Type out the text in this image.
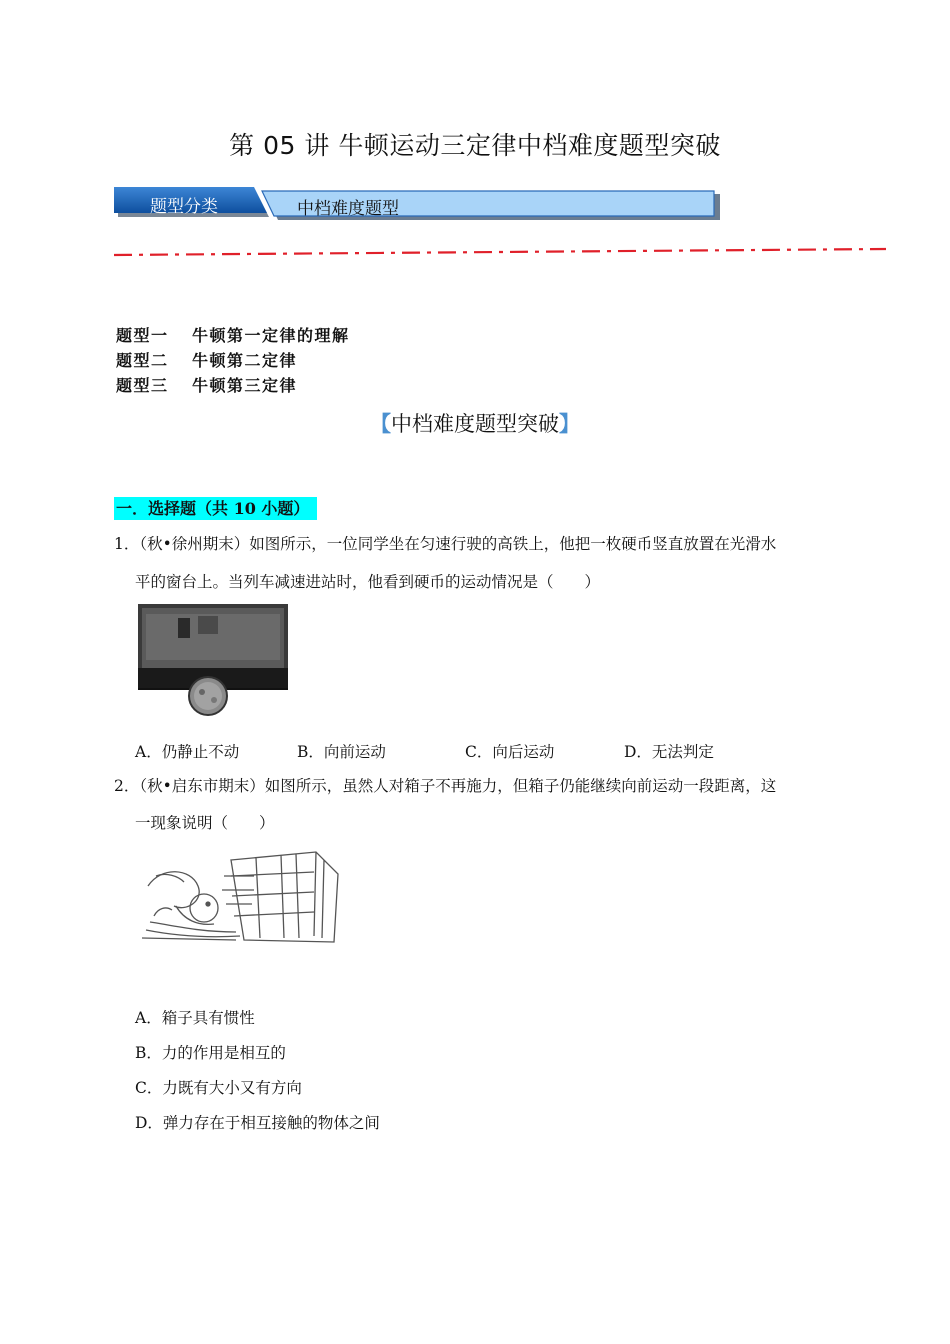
第 05 讲 牛顿运动三定律中档难度题型突破
题型分类	中档难度题型
题型一 牛顿第一定律的理解
题型二 牛顿第二定律
题型三 牛顿第三定律
【中档难度题型突破】
一．选择题（共 10 小题）
1．（秋•徐州期末）如图所示，一位同学坐在匀速行驶的高铁上，他把一枚硬币竖直放置在光滑水
平的窗台上。当列车减速进站时，他看到硬币的运动情况是（　　）
A．仍静止不动	B．向前运动	C．向后运动	D．无法判定
2．（秋•启东市期末）如图所示，虽然人对箱子不再施力，但箱子仍能继续向前运动一段距离，这
一现象说明（　　）
A．箱子具有惯性
B．力的作用是相互的
C．力既有大小又有方向
D．弹力存在于相互接触的物体之间
